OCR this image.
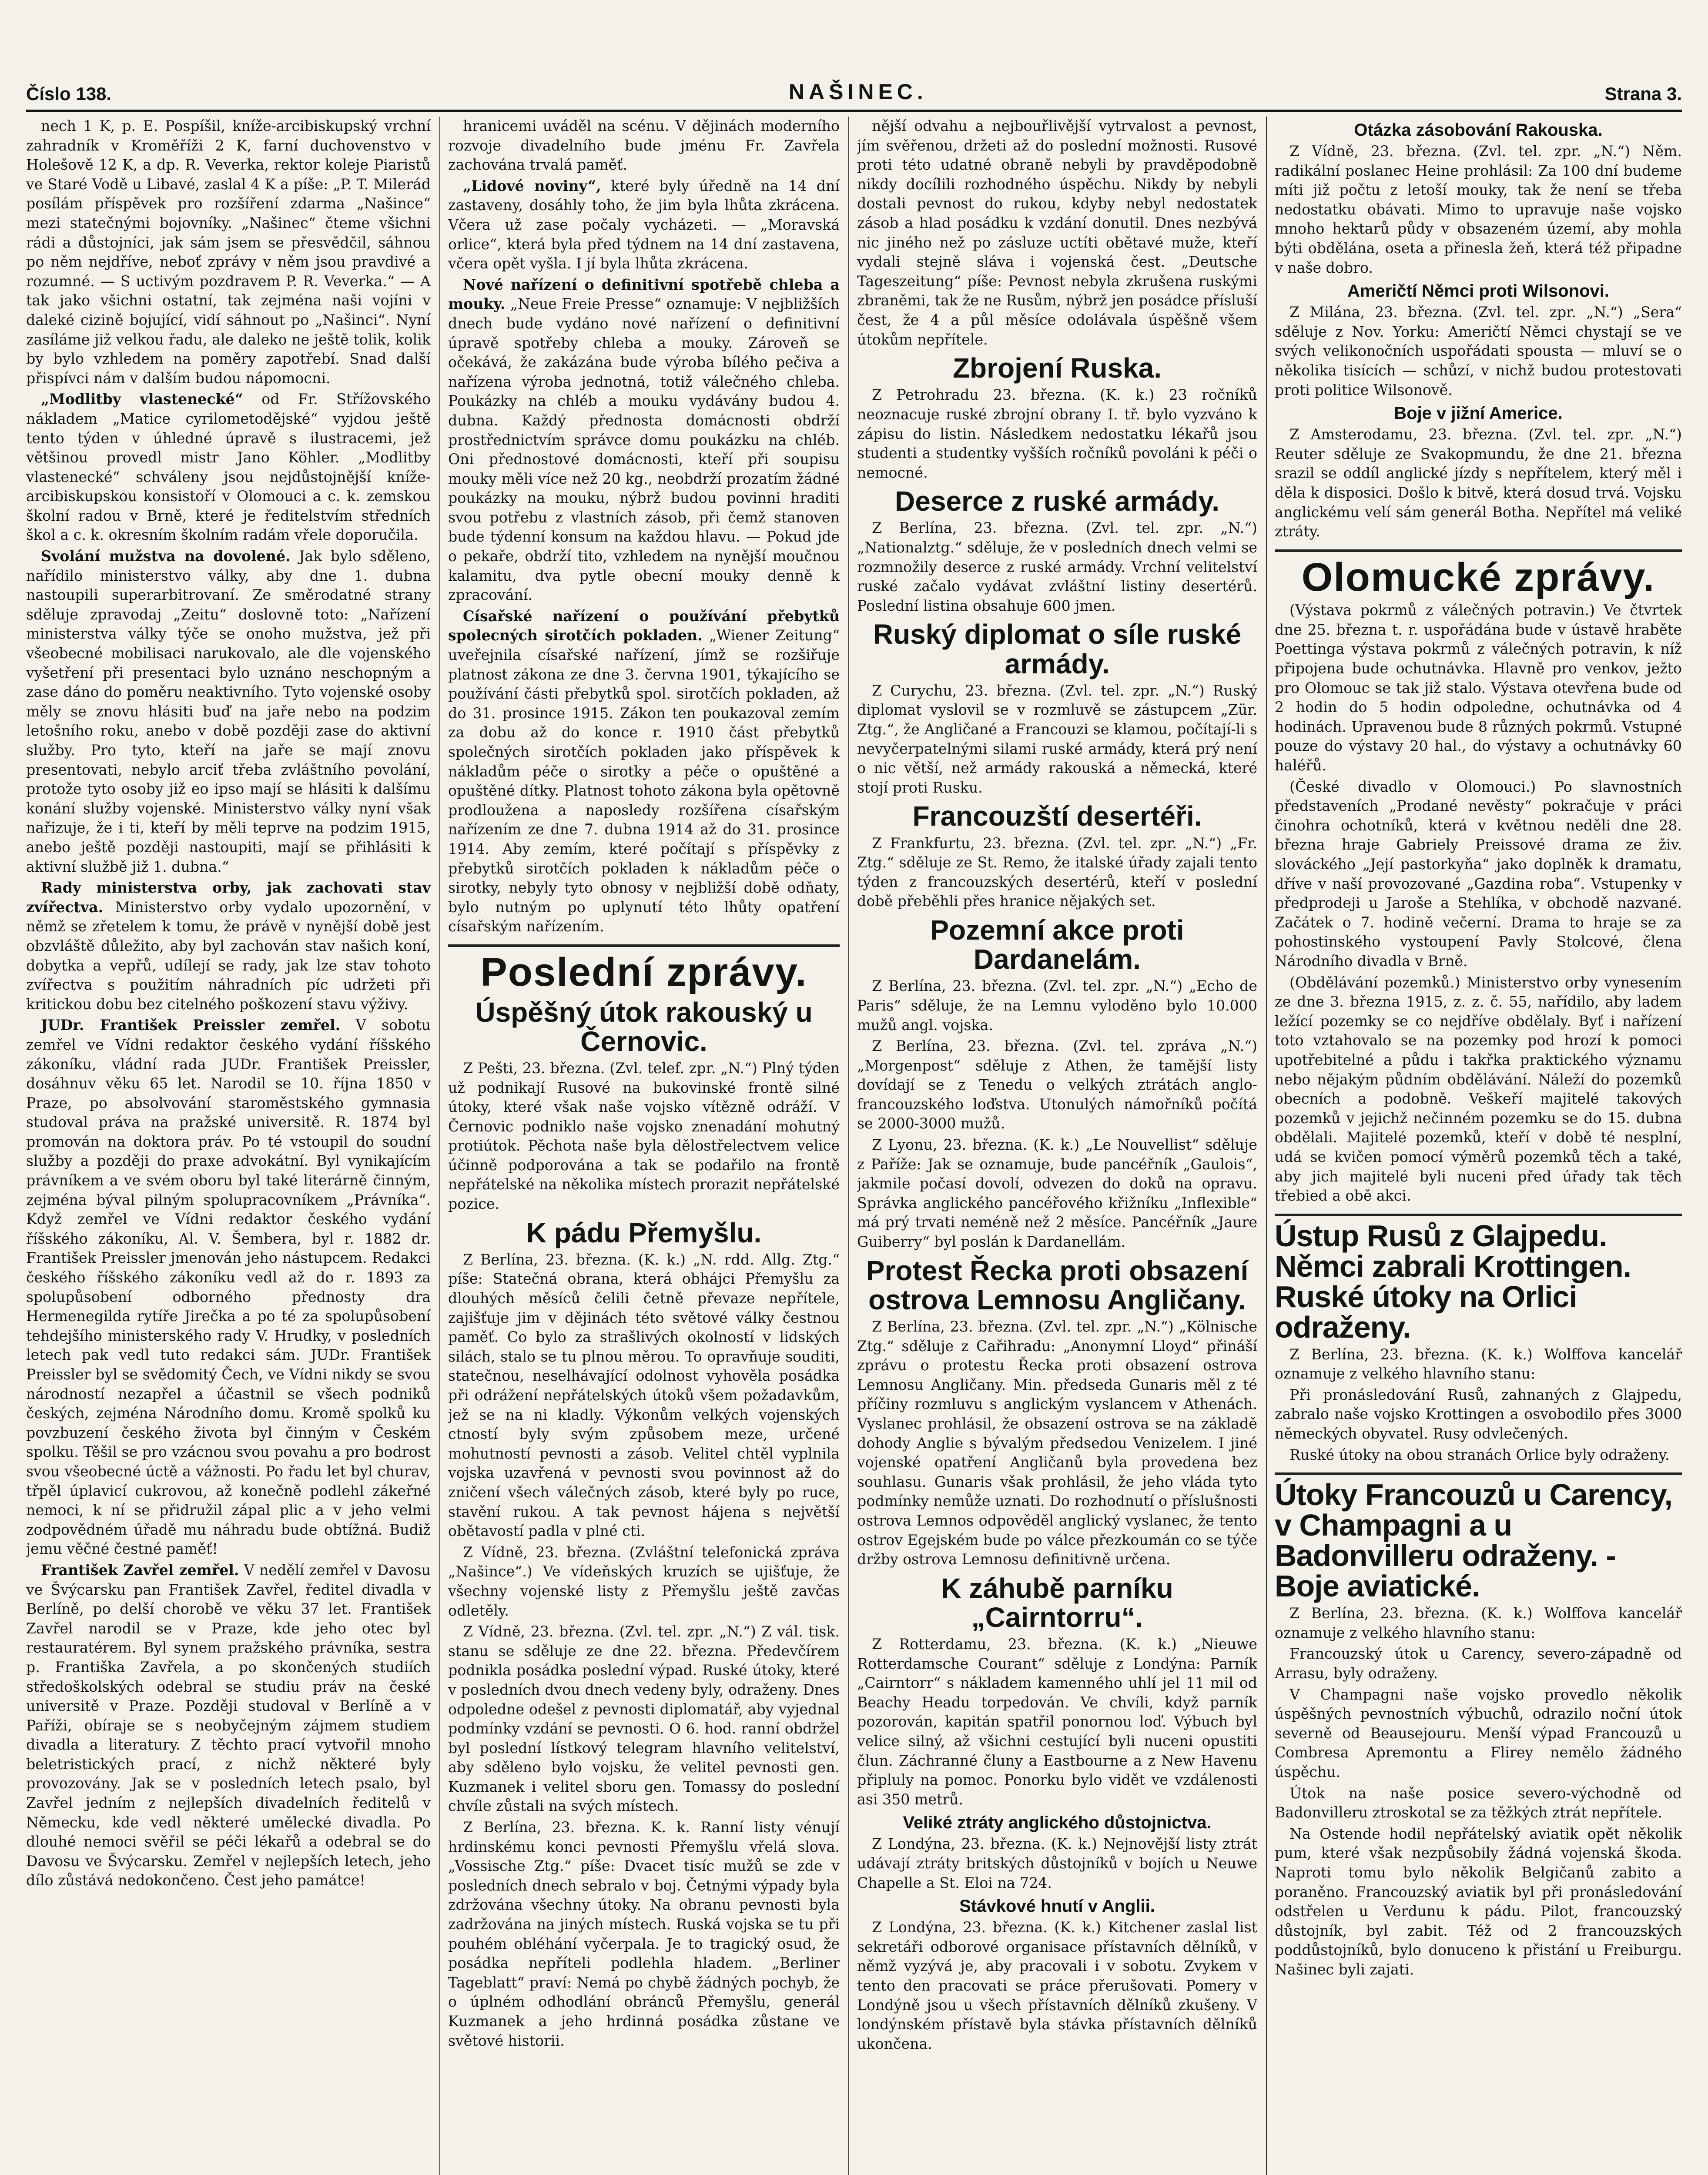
Číslo 138.	NAŠINEC.	Strana 3.

nech 1 K, p. E. Pospíšil, kníže-arcibiskupský vrchní zahradník v Kroměříži 2 K, farní duchovenstvo v Holešově 12 K, a dp. R. Veverka, rektor koleje Piaristů ve Staré Vodě u Libavé, zaslal 4 K a píše: „P. T. Milerád posílám příspěvek pro rozšíření zdarma „Našince“ mezi statečnými bojovníky. „Našinec“ čteme všichni rádi a důstojníci, jak sám jsem se přesvědčil, sáhnou po něm nejdříve, neboť zprávy v něm jsou pravdivé a rozumné. — S uctivým pozdravem P. R. Veverka.“ — A tak jako všichni ostatní, tak zejména naši vojíni v daleké cizině bojující, vidí sáhnout po „Našinci“. Nyní zasíláme již velkou řadu, ale daleko ne ještě tolik, kolik by bylo vzhledem na poměry zapotřebí. Snad další přispívci nám v dalším budou nápomocni.

„Modlitby vlastenecké“ od Fr. Střížovského nákladem „Matice cyrilometodějské“ vyjdou ještě tento týden v úhledné úpravě s ilustracemi, jež většinou provedl mistr Jano Köhler. „Modlitby vlastenecké“ schváleny jsou nejdůstojnější kníže-arcibiskupskou konsistoří v Olomouci a c. k. zemskou školní radou v Brně, které je ředitelstvím středních škol a c. k. okresním školním radám vřele doporučila.

Svolání mužstva na dovolené. Jak bylo sděleno, nařídilo ministerstvo války, aby dne 1. dubna nastoupili superarbitrovaní. Ze směrodatné strany sděluje zpravodaj „Zeitu“ doslovně toto: „Nařízení ministerstva války týče se onoho mužstva, jež při všeobecné mobilisaci narukovalo, ale dle vojenského vyšetření při presentaci bylo uznáno neschopným a zase dáno do poměru neaktivního. Tyto vojenské osoby měly se znovu hlásiti buď na jaře nebo na podzim letošního roku, anebo v době později zase do aktivní služby. Pro tyto, kteří na jaře se mají znovu presentovati, nebylo arciť třeba zvláštního povolání, protože tyto osoby již eo ipso mají se hlásiti k dalšímu konání služby vojenské. Ministerstvo války nyní však nařizuje, že i ti, kteří by měli teprve na podzim 1915, anebo ještě později nastoupiti, mají se přihlásiti k aktivní službě již 1. dubna.“

Rady ministerstva orby, jak zachovati stav zvířectva. Ministerstvo orby vydalo upozornění, v němž se zřetelem k tomu, že právě v nynější době jest obzvláště důležito, aby byl zachován stav našich koní, dobytka a vepřů, udílejí se rady, jak lze stav tohoto zvířectva s použitím náhradních píc udržeti při kritickou dobu bez citelného poškození stavu výživy.

JUDr. František Preissler zemřel. V sobotu zemřel ve Vídni redaktor českého vydání říšského zákoníku, vládní rada JUDr. František Preissler, dosáhnuv věku 65 let. Narodil se 10. října 1850 v Praze, po absolvování staroměstského gymnasia studoval práva na pražské universitě. R. 1874 byl promován na doktora práv. Po té vstoupil do soudní služby a později do praxe advokátní. Byl vynikajícím právníkem a ve svém oboru byl také literárně činným, zejména býval pilným spolupracovníkem „Právníka“. Když zemřel ve Vídni redaktor českého vydání říšského zákoníku, Al. V. Šembera, byl r. 1882 dr. František Preissler jmenován jeho nástupcem. Redakci českého říšského zákoníku vedl až do r. 1893 za spolupůsobení odborného přednosty dra Hermenegilda rytíře Jirečka a po té za spolupůsobení tehdejšího ministerského rady V. Hrudky, v posledních letech pak vedl tuto redakci sám. JUDr. František Preissler byl se svědomitý Čech, ve Vídni nikdy se svou národností nezapřel a účastnil se všech podniků českých, zejména Národního domu. Kromě spolků ku povzbuzení českého života byl činným v Českém spolku. Těšil se pro vzácnou svou povahu a pro bodrost svou všeobecné úctě a vážnosti. Po řadu let byl churav, třpěl úplavicí cukrovou, až konečně podlehl zákeřné nemoci, k ní se přidružil zápal plic a v jeho velmi zodpovědném úřadě mu náhradu bude obtížná. Budiž jemu věčné čestné paměť!

František Zavřel zemřel. V nedělí zemřel v Davosu ve Švýcarsku pan František Zavřel, ředitel divadla v Berlíně, po delší chorobě ve věku 37 let. František Zavřel narodil se v Praze, kde jeho otec byl restauratérem. Byl synem pražského právníka, sestra p. Františka Zavřela, a po skončených studiích středoškolských odebral se studiu práv na české universitě v Praze. Později studoval v Berlíně a v Paříži, obíraje se s neobyčejným zájmem studiem divadla a literatury. Z těchto prací vytvořil mnoho beletristických prací, z nichž některé byly provozovány. Jak se v posledních letech psalo, byl Zavřel jedním z nejlepších divadelních ředitelů v Německu, kde vedl některé umělecké divadla. Po dlouhé nemoci svěřil se péči lékařů a odebral se do Davosu ve Švýcarsku. Zemřel v nejlepších letech, jeho dílo zůstává nedokončeno. Čest jeho památce!

hranicemi uváděl na scénu. V dějinách moderního rozvoje divadelního bude jménu Fr. Zavřela zachována trvalá paměť.

„Lidové noviny“, které byly úředně na 14 dní zastaveny, dosáhly toho, že jim byla lhůta zkrácena. Včera už zase počaly vycházeti. — „Moravská orlice“, která byla před týdnem na 14 dní zastavena, včera opět vyšla. I jí byla lhůta zkrácena.

Nové nařízení o definitivní spotřebě chleba a mouky. „Neue Freie Presse“ oznamuje: V nejbližších dnech bude vydáno nové nařízení o definitivní úpravě spotřeby chleba a mouky. Zároveň se očekává, že zakázána bude výroba bílého pečiva a nařízena výroba jednotná, totiž válečného chleba. Poukázky na chléb a mouku vydávány budou 4. dubna. Každý přednosta domácnosti obdrží prostřednictvím správce domu poukázku na chléb. Oni přednostové domácnosti, kteří při soupisu mouky měli více než 20 kg., neobdrží prozatím žádné poukázky na mouku, nýbrž budou povinni hraditi svou potřebu z vlastních zásob, při čemž stanoven bude týdenní konsum na každou hlavu. — Pokud jde o pekaře, obdrží tito, vzhledem na nynější moučnou kalamitu, dva pytle obecní mouky denně k zpracování.

Císařské nařízení o používání přebytků spolecných sirotčích pokladen. „Wiener Zeitung“ uveřejnila císařské nařízení, jímž se rozšiřuje platnost zákona ze dne 3. června 1901, týkajícího se používání části přebytků spol. sirotčích pokladen, až do 31. prosince 1915. Zákon ten poukazoval zemím za dobu až do konce r. 1910 část přebytků společných sirotčích pokladen jako příspěvek k nákladům péče o sirotky a péče o opuštěné a opuštěné dítky. Platnost tohoto zákona byla opětovně prodloužena a naposledy rozšířena císařským nařízením ze dne 7. dubna 1914 až do 31. prosince 1914. Aby zemím, které počítají s příspěvky z přebytků sirotčích pokladen k nákladům péče o sirotky, nebyly tyto obnosy v nejbližší době odňaty, bylo nutným po uplynutí této lhůty opatření císařským nařízením.

Poslední zprávy.
Úspěšný útok rakouský u Černovic.

Z Pešti, 23. března. (Zvl. telef. zpr. „N.“) Plný týden už podnikají Rusové na bukovinské frontě silné útoky, které však naše vojsko vítězně odráží. V Černovic podniklo naše vojsko znenadání mohutný protiútok. Pěchota naše byla dělostřelectvem velice účinně podporována a tak se podařilo na frontě nepřátelské na několika místech prorazit nepřátelské pozice.

K pádu Přemyšlu.

Z Berlína, 23. března. (K. k.) „N. rdd. Allg. Ztg.“ píše: Statečná obrana, která obhájci Přemyšlu za dlouhých měsíců čelili četně převaze nepřítele, zajišťuje jim v dějinách této světové války čestnou paměť. Co bylo za strašlivých okolností v lidských silách, stalo se tu plnou měrou. To opravňuje souditi, statečnou, neselhávající odolnost vyhověla posádka při odrážení nepřátelských útoků všem požadavkům, jež se na ni kladly. Výkonům velkých vojenských ctností byly svým způsobem meze, určené mohutností pevnosti a zásob. Velitel chtěl vyplnila vojska uzavřená v pevnosti svou povinnost až do zničení všech válečných zásob, které byly po ruce, stavění rukou. A tak pevnost hájena s největší obětavostí padla v plné cti.

Z Vídně, 23. března. (Zvláštní telefonická zpráva „Našince“.) Ve vídeňských kruzích se ujišťuje, že všechny vojenské listy z Přemyšlu ještě zavčas odletěly.

Z Vídně, 23. března. (Zvl. tel. zpr. „N.“) Z vál. tisk. stanu se sděluje ze dne 22. března. Předevčírem podnikla posádka poslední výpad. Ruské útoky, které v posledních dvou dnech vedeny byly, odraženy. Dnes odpoledne odešel z pevnosti diplomatář, aby vyjednal podmínky vzdání se pevnosti. O 6. hod. ranní obdržel byl poslední lístkový telegram hlavního velitelství, aby sděleno bylo vojsku, že velitel pevnosti gen. Kuzmanek i velitel sboru gen. Tomassy do poslední chvíle zůstali na svých místech.

Z Berlína, 23. března. K. k. Ranní listy vénují hrdinskému konci pevnosti Přemyšlu vřelá slova. „Vossische Ztg.“ píše: Dvacet tisíc mužů se zde v posledních dnech sebralo v boj. Četnými výpady byla zdržována všechny útoky. Na obranu pevnosti byla zadržována na jiných místech. Ruská vojska se tu při pouhém obléhání vyčerpala. Je to tragický osud, že posádka nepříteli podlehla hladem. „Berliner Tageblatt“ praví: Nemá po chybě žádných pochyb, že o úplném odhodlání obránců Přemyšlu, generál Kuzmanek a jeho hrdinná posádka zůstane ve světové historii.

nější odvahu a nejbouřlivější vytrvalost a pevnost, jím svěřenou, držeti až do poslední možnosti. Rusové proti této udatné obraně nebyli by pravděpodobně nikdy docílili rozhodného úspěchu. Nikdy by nebyli dostali pevnost do rukou, kdyby nebyl nedostatek zásob a hlad posádku k vzdání donutil. Dnes nezbývá nic jiného než po zásluze uctíti obětavé muže, kteří vydali stejně sláva i vojenská čest. „Deutsche Tageszeitung“ píše: Pevnost nebyla zkrušena ruskými zbraněmi, tak že ne Rusům, nýbrž jen posádce přísluší čest, že 4 a půl měsíce odolávala úspěšně všem útokům nepřítele.

Zbrojení Ruska.

Z Petrohradu 23. března. (K. k.) 23 ročníků neoznacuje ruské zbrojní obrany I. tř. bylo vyzváno k zápisu do listin. Následkem nedostatku lékařů jsou studenti a studentky vyšších ročníků povoláni k péči o nemocné.

Deserce z ruské armády.

Z Berlína, 23. března. (Zvl. tel. zpr. „N.“) „Nationalztg.“ sděluje, že v posledních dnech velmi se rozmnožily deserce z ruské armády. Vrchní velitelství ruské začalo vydávat zvláštní listiny desertérů. Poslední listina obsahuje 600 jmen.

Ruský diplomat o síle ruské armády.

Z Curychu, 23. března. (Zvl. tel. zpr. „N.“) Ruský diplomat vyslovil se v rozmluvě se zástupcem „Zür. Ztg.“, že Angličané a Francouzi se klamou, počítají-li s nevyčerpatelnými silami ruské armády, která prý není o nic větší, než armády rakouská a německá, které stojí proti Rusku.

Francouzští desertéři.

Z Frankfurtu, 23. března. (Zvl. tel. zpr. „N.“) „Fr. Ztg.“ sděluje ze St. Remo, že italské úřady zajali tento týden z francouzských desertérů, kteří v poslední době přeběhli přes hranice nějakých set.

Pozemní akce proti Dardanelám.

Z Berlína, 23. března. (Zvl. tel. zpr. „N.“) „Echo de Paris“ sděluje, že na Lemnu vyloděno bylo 10.000 mužů angl. vojska.

Z Berlína, 23. března. (Zvl. tel. zpráva „N.“) „Morgenpost“ sděluje z Athen, že tamější listy dovídají se z Tenedu o velkých ztrátách anglo-francouzského loďstva. Utonulých námořníků počítá se 2000-3000 mužů.

Z Lyonu, 23. března. (K. k.) „Le Nouvellist“ sděluje z Paříže: Jak se oznamuje, bude pancéřník „Gaulois“, jakmile počasí dovolí, odvezen do doků na opravu. Správka anglického pancéřového křižníku „Inflexible“ má prý trvati neméně než 2 měsíce. Pancéřník „Jaure Guiberry“ byl poslán k Dardanellám.

Protest Řecka proti obsazení ostrova Lemnosu Angličany.

Z Berlína, 23. března. (Zvl. tel. zpr. „N.“) „Kölnische Ztg.“ sděluje z Cařihradu: „Anonymní Lloyd“ přináší zprávu o protestu Řecka proti obsazení ostrova Lemnosu Angličany. Min. předseda Gunaris měl z té příčiny rozmluvu s anglickým vyslancem v Athenách. Vyslanec prohlásil, že obsazení ostrova se na základě dohody Anglie s bývalým předsedou Venizelem. I jiné vojenské opatření Angličanů byla provedena bez souhlasu. Gunaris však prohlásil, že jeho vláda tyto podmínky nemůže uznati. Do rozhodnutí o příslušnosti ostrova Lemnos odpověděl anglický vyslanec, že tento ostrov Egejském bude po válce přezkoumán co se týče držby ostrova Lemnosu definitivně určena.

K záhubě parníku „Cairntorru“.

Z Rotterdamu, 23. března. (K. k.) „Nieuwe Rotterdamsche Courant“ sděluje z Londýna: Parník „Cairntorr“ s nákladem kamenného uhlí jel 11 mil od Beachy Headu torpedován. Ve chvíli, když parník pozorován, kapitán spatřil ponornou loď. Výbuch byl velice silný, až všichni cestující byli nuceni opustiti člun. Záchranné čluny a Eastbourne a z New Havenu připluly na pomoc. Ponorku bylo vidět ve vzdálenosti asi 350 metrů.

Veliké ztráty anglického důstojnictva.

Z Londýna, 23. března. (K. k.) Nejnovější listy ztrát udávají ztráty britských důstojníků v bojích u Neuwe Chapelle a St. Eloi na 724.

Stávkové hnutí v Anglii.

Z Londýna, 23. března. (K. k.) Kitchener zaslal list sekretáři odborové organisace přístavních dělníků, v němž vyzývá je, aby pracovali i v sobotu. Zvykem v tento den pracovati se práce přerušovati. Pomery v Londýně jsou u všech přístavních dělníků zkušeny. V londýnském přístavě byla stávka přístavních dělníků ukončena.

Otázka zásobování Rakouska.

Z Vídně, 23. března. (Zvl. tel. zpr. „N.“) Něm. radikální poslanec Heine prohlásil: Za 100 dní budeme míti již počtu z letoší mouky, tak že není se třeba nedostatku obávati. Mimo to upravuje naše vojsko mnoho hektarů půdy v obsazeném území, aby mohla býti obdělána, oseta a přinesla žeň, která též připadne v naše dobro.

Američtí Němci proti Wilsonovi.

Z Milána, 23. března. (Zvl. tel. zpr. „N.“) „Sera“ sděluje z Nov. Yorku: Američtí Němci chystají se ve svých velikonočních uspořádati spousta — mluví se o několika tisících — schůzí, v nichž budou protestovati proti politice Wilsonově.

Boje v jižní Americe.

Z Amsterodamu, 23. března. (Zvl. tel. zpr. „N.“) Reuter sděluje ze Svakopmundu, že dne 21. března srazil se oddíl anglické jízdy s nepřítelem, který měl i děla k disposici. Došlo k bitvě, která dosud trvá. Vojsku anglickému velí sám generál Botha. Nepřítel má veliké ztráty.

Olomucké zprávy.

(Výstava pokrmů z válečných potravin.) Ve čtvrtek dne 25. března t. r. uspořádána bude v ústavě hraběte Poettinga výstava pokrmů z válečných potravin, k níž připojena bude ochutnávka. Hlavně pro venkov, ježto pro Olomouc se tak již stalo. Výstava otevřena bude od 2 hodin do 5 hodin odpoledne, ochutnávka od 4 hodinách. Upravenou bude 8 různých pokrmů. Vstupné pouze do výstavy 20 hal., do výstavy a ochutnávky 60 haléřů.

(České divadlo v Olomouci.) Po slavnostních představeních „Prodané nevěsty“ pokračuje v práci činohra ochotníků, která v květnou neděli dne 28. března hraje Gabriely Preissové drama ze živ. slováckého „Její pastorkyňa“ jako doplněk k dramatu, dříve v naší provozované „Gazdina roba“. Vstupenky v předprodeji u Jaroše a Stehlíka, v obchodě nazvané. Začátek o 7. hodině večerní. Drama to hraje se za pohostinského vystoupení Pavly Stolcové, člena Národního divadla v Brně.

(Obdělávání pozemků.) Ministerstvo orby vynesením ze dne 3. března 1915, z. z. č. 55, nařídilo, aby ladem ležící pozemky se co nejdříve obdělaly. Byť i nařízení toto vztahovalo se na pozemky pod hrozí k pomoci upotřebitelné a půdu i takřka praktického významu nebo nějakým půdním obdělávání. Náleží do pozemků obecních a podobně. Veškeří majitelé takových pozemků v jejichž nečinném pozemku se do 15. dubna obdělali. Majitelé pozemků, kteří v době té nesplní, udá se kvičen pomocí výměrů pozemků těch a také, aby jich majitelé byli nuceni před úřady tak těch třebied a obě akci.

Ústup Rusů z Glajpedu. Němci zabrali Krottingen. Ruské útoky na Orlici odraženy.

Z Berlína, 23. března. (K. k.) Wolffova kancelář oznamuje z velkého hlavního stanu:

Při pronásledování Rusů, zahnaných z Glajpedu, zabralo naše vojsko Krottingen a osvobodilo přes 3000 německých obyvatel. Rusy odvlečených.

Ruské útoky na obou stranách Orlice byly odraženy.

Útoky Francouzů u Carency, v Champagni a u Badonvilleru odraženy. - Boje aviatické.

Z Berlína, 23. března. (K. k.) Wolffova kancelář oznamuje z velkého hlavního stanu:

Francouzský útok u Carency, severo-západně od Arrasu, byly odraženy.

V Champagni naše vojsko provedlo několik úspěšných pevnostních výbuchů, odrazilo noční útok severně od Beausejouru. Menší výpad Francouzů u Combresa Apremontu a Flirey nemělo žádného úspěchu.

Útok na naše posice severo-východně od Badonvilleru ztroskotal se za těžkých ztrát nepřítele.

Na Ostende hodil nepřátelský aviatik opět několik pum, které však nezpůsobily žádná vojenská škoda. Naproti tomu bylo několik Belgičanů zabito a poraněno. Francouzský aviatik byl při pronásledování odstřelen u Verdunu k pádu. Pilot, francouzský důstojník, byl zabit. Též od 2 francouzských poddůstojníků, bylo donuceno k přistání u Freiburgu. Našinec byli zajati.
